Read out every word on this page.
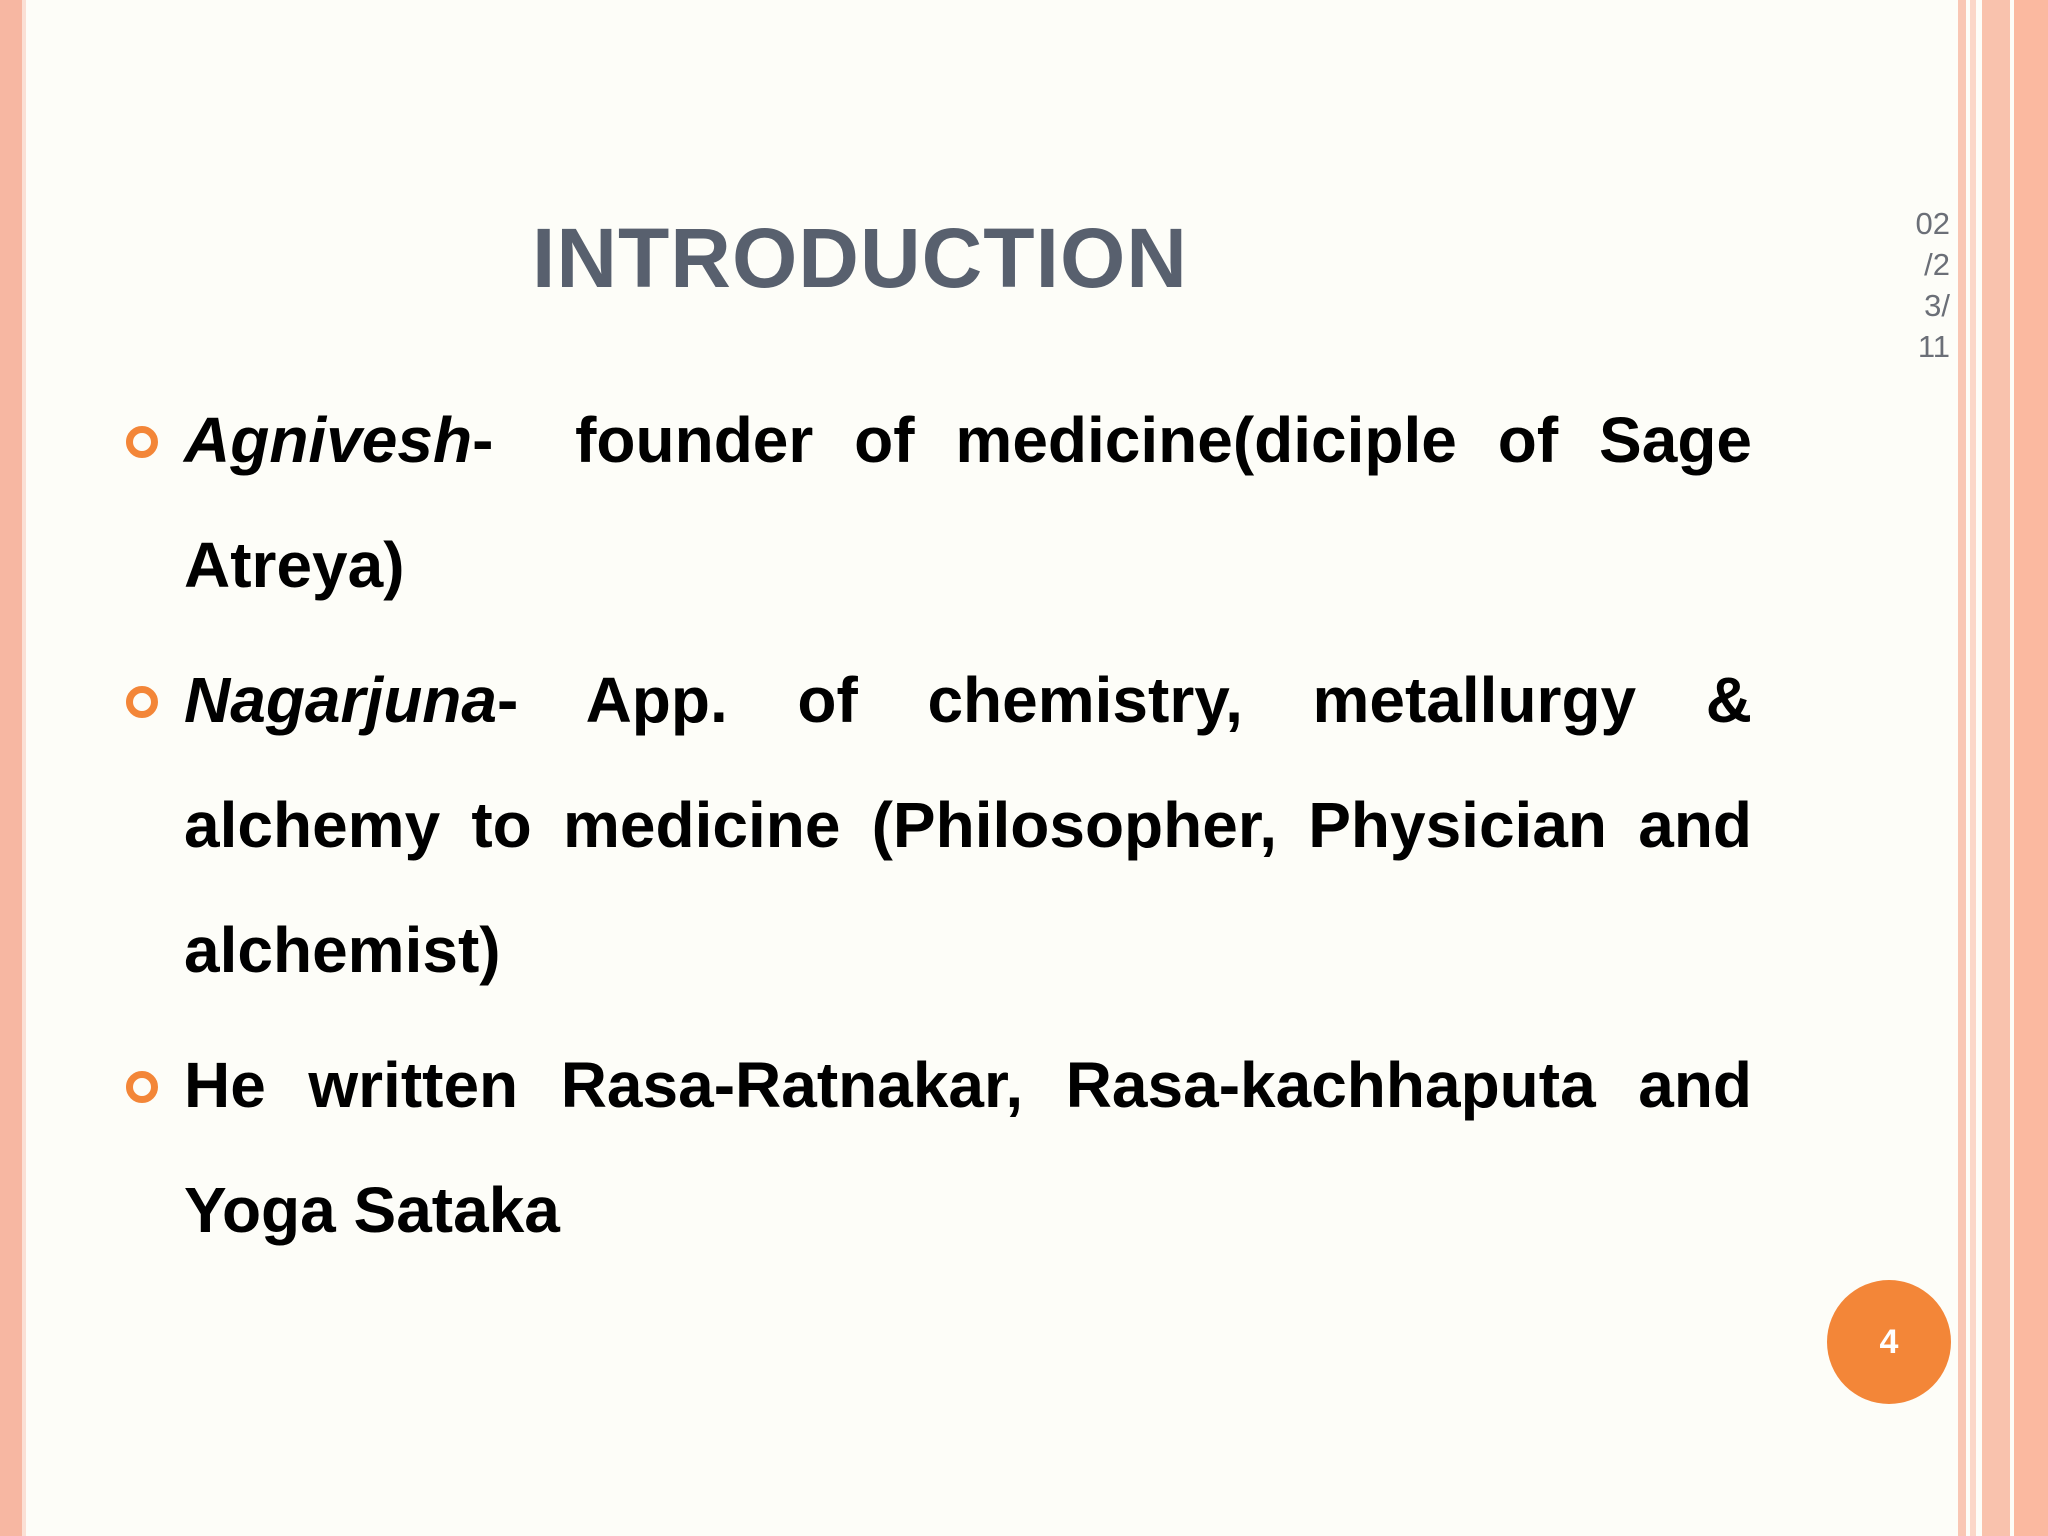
INTRODUCTION	02
/2
3/
11
Agnivesh-  founder of medicine(diciple of Sage Atreya)
Nagarjuna- App. of chemistry, metallurgy & alchemy to medicine (Philosopher, Physician and alchemist)
He written Rasa-Ratnakar, Rasa-kachhaputa and Yoga Sataka
4
